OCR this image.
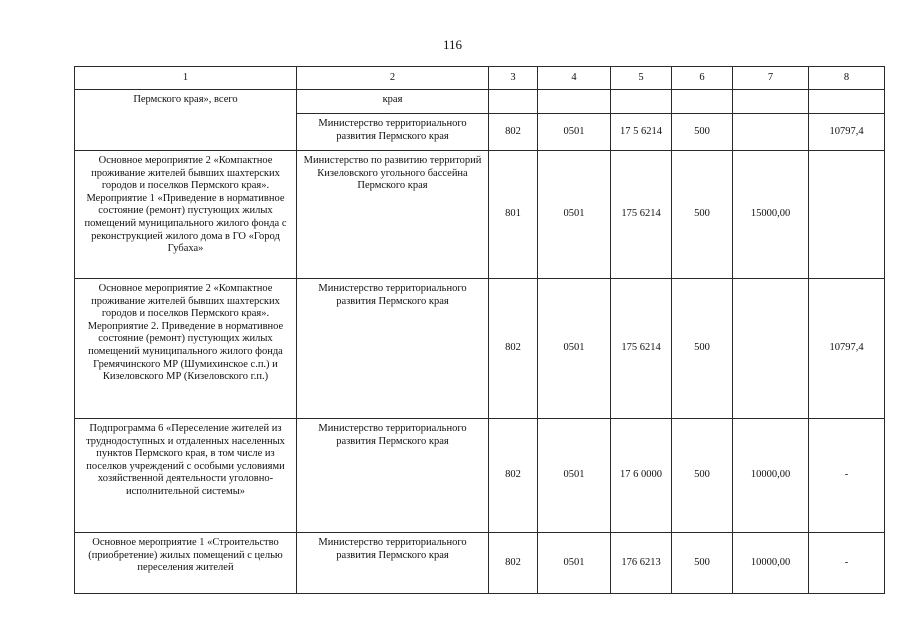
116
1	2	3	4	5	6	7	8
Пермского края», всего	края						
	Министерство территориального развития Пермского края	802	0501	17 5 6214	500		10797,4
Основное мероприятие 2 «Компактное проживание жителей бывших шахтерских городов и поселков Пермского края». Мероприятие 1 «Приведение в нормативное состояние (ремонт) пустующих жилых помещений муниципального жилого фонда с реконструкцией жилого дома в ГО «Город Губаха»	Министерство по развитию территорий Кизеловского угольного бассейна Пермского края	801	0501	175 6214	500	15000,00	
Основное мероприятие 2 «Компактное проживание жителей бывших шахтерских городов и поселков Пермского края». Мероприятие 2. Приведение в нормативное состояние (ремонт) пустующих жилых помещений муниципального жилого фонда Гремячинского МР (Шумихинское с.п.) и Кизеловского МР (Кизеловского г.п.)	Министерство территориального развития Пермского края	802	0501	175 6214	500		10797,4
Подпрограмма 6 «Переселение жителей из труднодоступных и отдаленных населенных пунктов Пермского края, в том числе из поселков учреждений с особыми условиями хозяйственной деятельности уголовно-исполнительной системы»	Министерство территориального развития Пермского края	802	0501	17 6 0000	500	10000,00	-
Основное мероприятие 1 «Строительство (приобретение) жилых помещений с целью переселения жителей	Министерство территориального развития Пермского края	802	0501	176 6213	500	10000,00	-
